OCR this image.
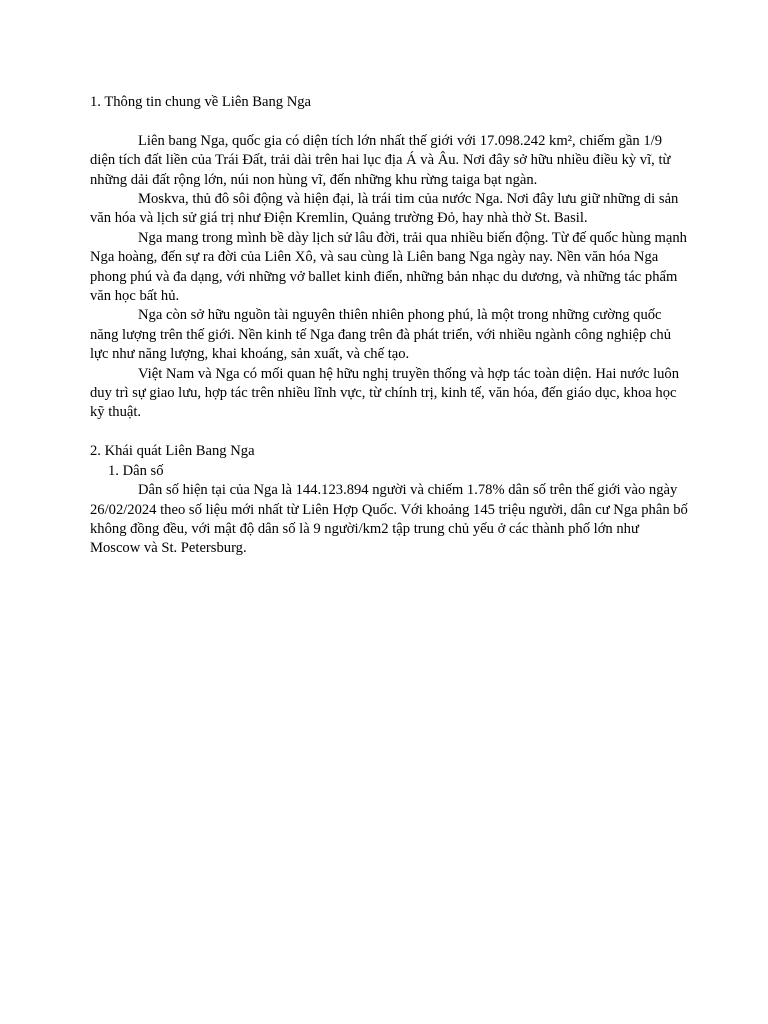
1. Thông tin chung về Liên Bang Nga

Liên bang Nga, quốc gia có diện tích lớn nhất thế giới với 17.098.242 km², chiếm gần 1/9 diện tích đất liền của Trái Đất, trải dài trên hai lục địa Á và Âu. Nơi đây sở hữu nhiều điều kỳ vĩ, từ những dải đất rộng lớn, núi non hùng vĩ, đến những khu rừng taiga bạt ngàn.

Moskva, thủ đô sôi động và hiện đại, là trái tim của nước Nga. Nơi đây lưu giữ những di sản văn hóa và lịch sử giá trị như Điện Kremlin, Quảng trường Đỏ, hay nhà thờ St. Basil.

Nga mang trong mình bề dày lịch sử lâu đời, trải qua nhiều biến động. Từ đế quốc hùng mạnh Nga hoàng, đến sự ra đời của Liên Xô, và sau cùng là Liên bang Nga ngày nay. Nền văn hóa Nga phong phú và đa dạng, với những vở ballet kinh điển, những bản nhạc du dương, và những tác phẩm văn học bất hủ.

Nga còn sở hữu nguồn tài nguyên thiên nhiên phong phú, là một trong những cường quốc năng lượng trên thế giới. Nền kinh tế Nga đang trên đà phát triển, với nhiều ngành công nghiệp chủ lực như năng lượng, khai khoáng, sản xuất, và chế tạo.

Việt Nam và Nga có mối quan hệ hữu nghị truyền thống và hợp tác toàn diện. Hai nước luôn duy trì sự giao lưu, hợp tác trên nhiều lĩnh vực, từ chính trị, kinh tế, văn hóa, đến giáo dục, khoa học kỹ thuật.

2. Khái quát Liên Bang Nga

1. Dân số

Dân số hiện tại của Nga là 144.123.894 người và chiếm 1.78% dân số trên thế giới vào ngày 26/02/2024 theo số liệu mới nhất từ Liên Hợp Quốc. Với khoảng 145 triệu người, dân cư Nga phân bố không đồng đều, với mật độ dân số là 9 người/km2 tập trung chủ yếu ở các thành phố lớn như Moscow và St. Petersburg.
